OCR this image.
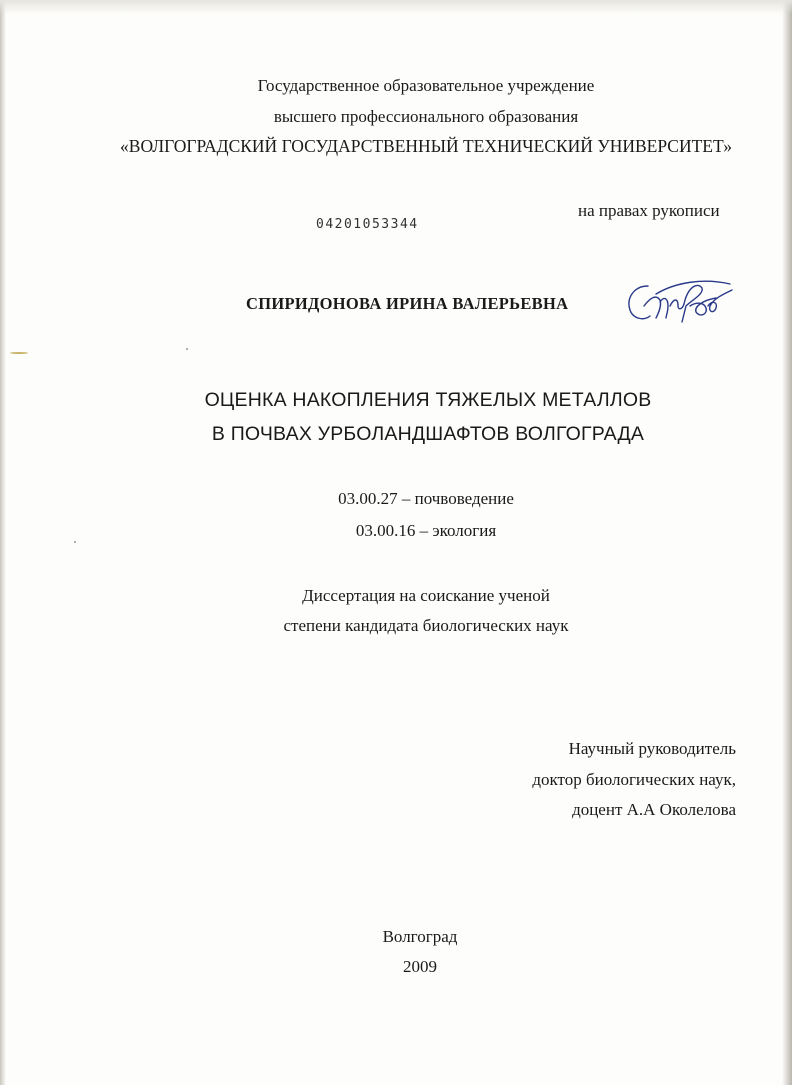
Государственное образовательное учреждение
высшего профессионального образования
«ВОЛГОГРАДСКИЙ ГОСУДАРСТВЕННЫЙ ТЕХНИЧЕСКИЙ УНИВЕРСИТЕТ»
04201053344
на правах рукописи
СПИРИДОНОВА ИРИНА ВАЛЕРЬЕВНА
ОЦЕНКА НАКОПЛЕНИЯ ТЯЖЕЛЫХ МЕТАЛЛОВ
В ПОЧВАХ УРБОЛАНДШАФТОВ ВОЛГОГРАДА
03.00.27 – почвоведение
03.00.16 – экология
Диссертация на соискание ученой
степени кандидата биологических наук
Научный руководитель
доктор биологических наук,
доцент А.А Околелова
Волгоград
2009
